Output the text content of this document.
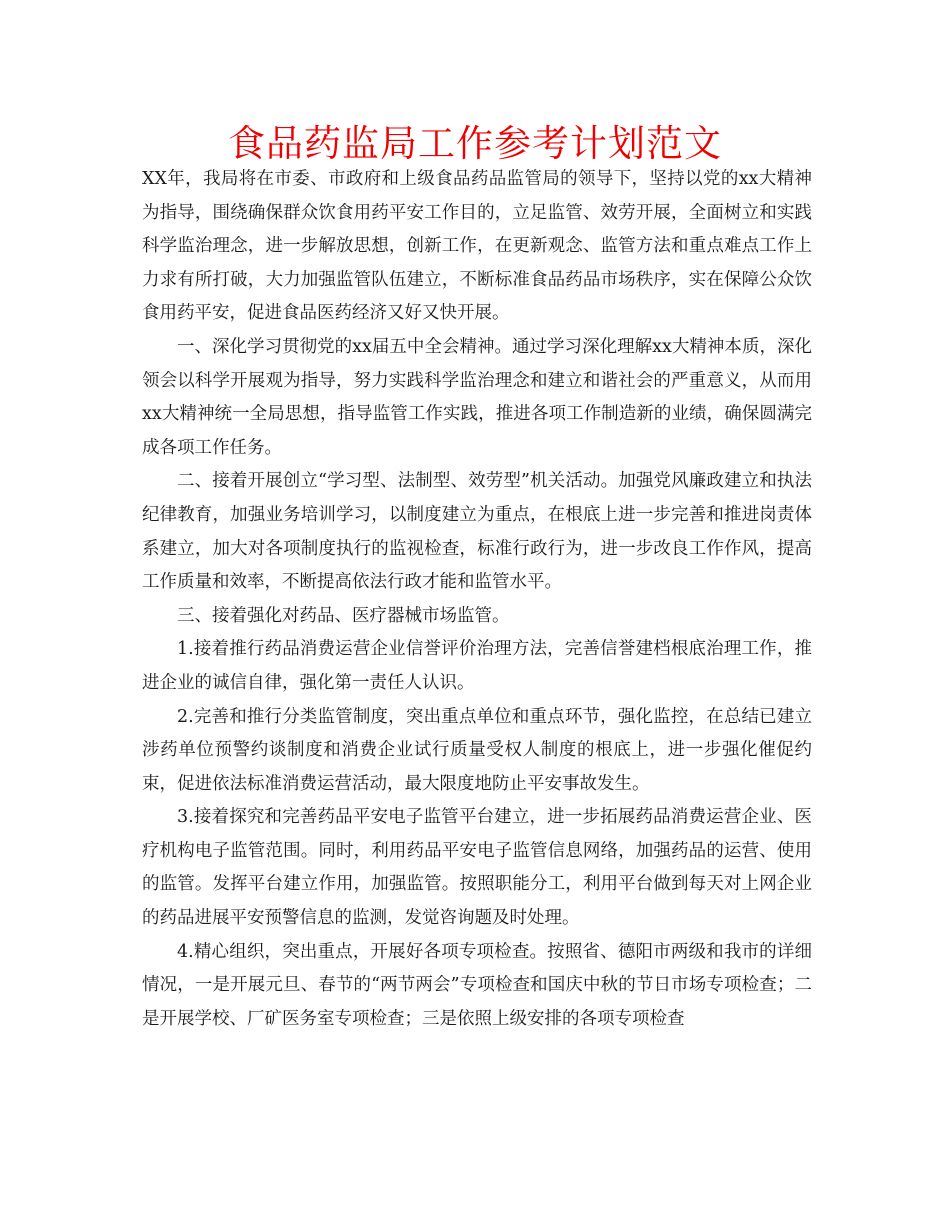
食品药监局工作参考计划范文

XX年，我局将在市委、市政府和上级食品药品监管局的领导下，坚持以党的xx大精神为指导，围绕确保群众饮食用药平安工作目的，立足监管、效劳开展，全面树立和实践科学监治理念，进一步解放思想，创新工作，在更新观念、监管方法和重点难点工作上力求有所打破，大力加强监管队伍建立，不断标准食品药品市场秩序，实在保障公众饮食用药平安，促进食品医药经济又好又快开展。

一、深化学习贯彻党的xx届五中全会精神。通过学习深化理解xx大精神本质，深化领会以科学开展观为指导，努力实践科学监治理念和建立和谐社会的严重意义，从而用xx大精神统一全局思想，指导监管工作实践，推进各项工作制造新的业绩，确保圆满完成各项工作任务。

二、接着开展创立“学习型、法制型、效劳型”机关活动。加强党风廉政建立和执法纪律教育，加强业务培训学习，以制度建立为重点，在根底上进一步完善和推进岗责体系建立，加大对各项制度执行的监视检查，标准行政行为，进一步改良工作作风，提高工作质量和效率，不断提高依法行政才能和监管水平。

三、接着强化对药品、医疗器械市场监管。

1.接着推行药品消费运营企业信誉评价治理方法，完善信誉建档根底治理工作，推进企业的诚信自律，强化第一责任人认识。

2.完善和推行分类监管制度，突出重点单位和重点环节，强化监控，在总结已建立涉药单位预警约谈制度和消费企业试行质量受权人制度的根底上，进一步强化催促约束，促进依法标准消费运营活动，最大限度地防止平安事故发生。

3.接着探究和完善药品平安电子监管平台建立，进一步拓展药品消费运营企业、医疗机构电子监管范围。同时，利用药品平安电子监管信息网络，加强药品的运营、使用的监管。发挥平台建立作用，加强监管。按照职能分工，利用平台做到每天对上网企业的药品进展平安预警信息的监测，发觉咨询题及时处理。

4.精心组织，突出重点，开展好各项专项检查。按照省、德阳市两级和我市的详细情况，一是开展元旦、春节的“两节两会”专项检查和国庆中秋的节日市场专项检查；二是开展学校、厂矿医务室专项检查；三是依照上级安排的各项专项检查
